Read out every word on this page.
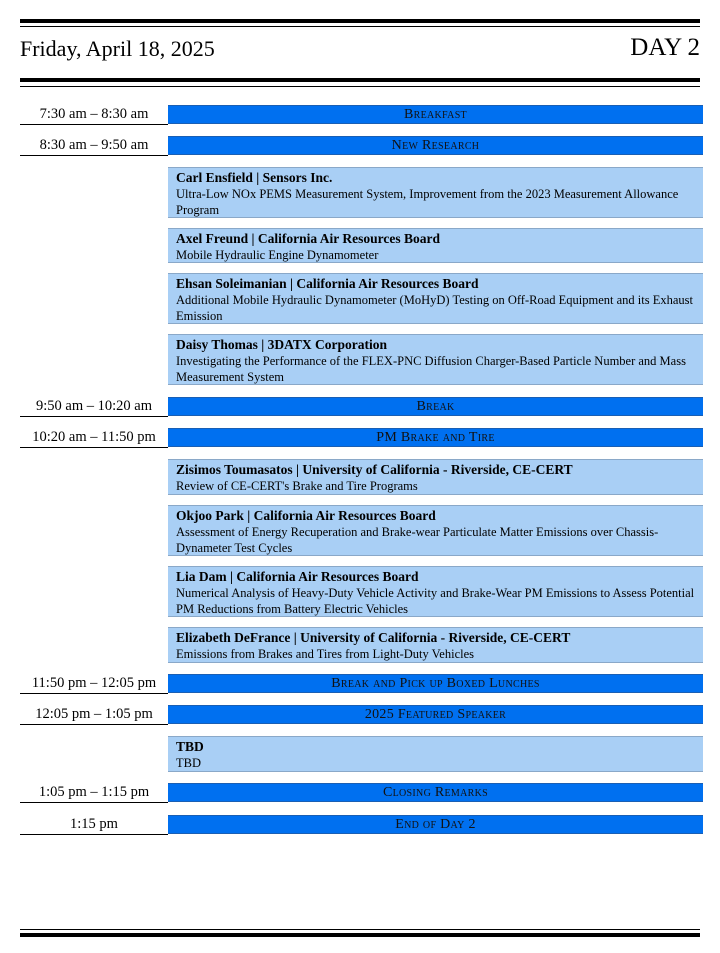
Friday, April 18, 2025	DAY 2
7:30 am – 8:30 am	Breakfast
8:30 am – 9:50 am	New Research
Carl Ensfield | Sensors Inc.
Ultra-Low NOx PEMS Measurement System, Improvement from the 2023 Measurement Allowance Program
Axel Freund | California Air Resources Board
Mobile Hydraulic Engine Dynamometer
Ehsan Soleimanian | California Air Resources Board
Additional Mobile Hydraulic Dynamometer (MoHyD) Testing on Off-Road Equipment and its Exhaust Emission
Daisy Thomas | 3DATX Corporation
Investigating the Performance of the FLEX-PNC Diffusion Charger-Based Particle Number and Mass Measurement System
9:50 am – 10:20 am	Break
10:20 am – 11:50 pm	PM Brake and Tire
Zisimos Toumasatos | University of California - Riverside, CE-CERT
Review of CE-CERT's Brake and Tire Programs
Okjoo Park | California Air Resources Board
Assessment of Energy Recuperation and Brake-wear Particulate Matter Emissions over Chassis-Dynameter Test Cycles
Lia Dam | California Air Resources Board
Numerical Analysis of Heavy-Duty Vehicle Activity and Brake-Wear PM Emissions to Assess Potential PM Reductions from Battery Electric Vehicles
Elizabeth DeFrance | University of California - Riverside, CE-CERT
Emissions from Brakes and Tires from Light-Duty Vehicles
11:50 pm – 12:05 pm	Break and Pick up Boxed Lunches
12:05 pm – 1:05 pm	2025 Featured Speaker
TBD
TBD
1:05 pm – 1:15 pm	Closing Remarks
1:15 pm	End of Day 2
